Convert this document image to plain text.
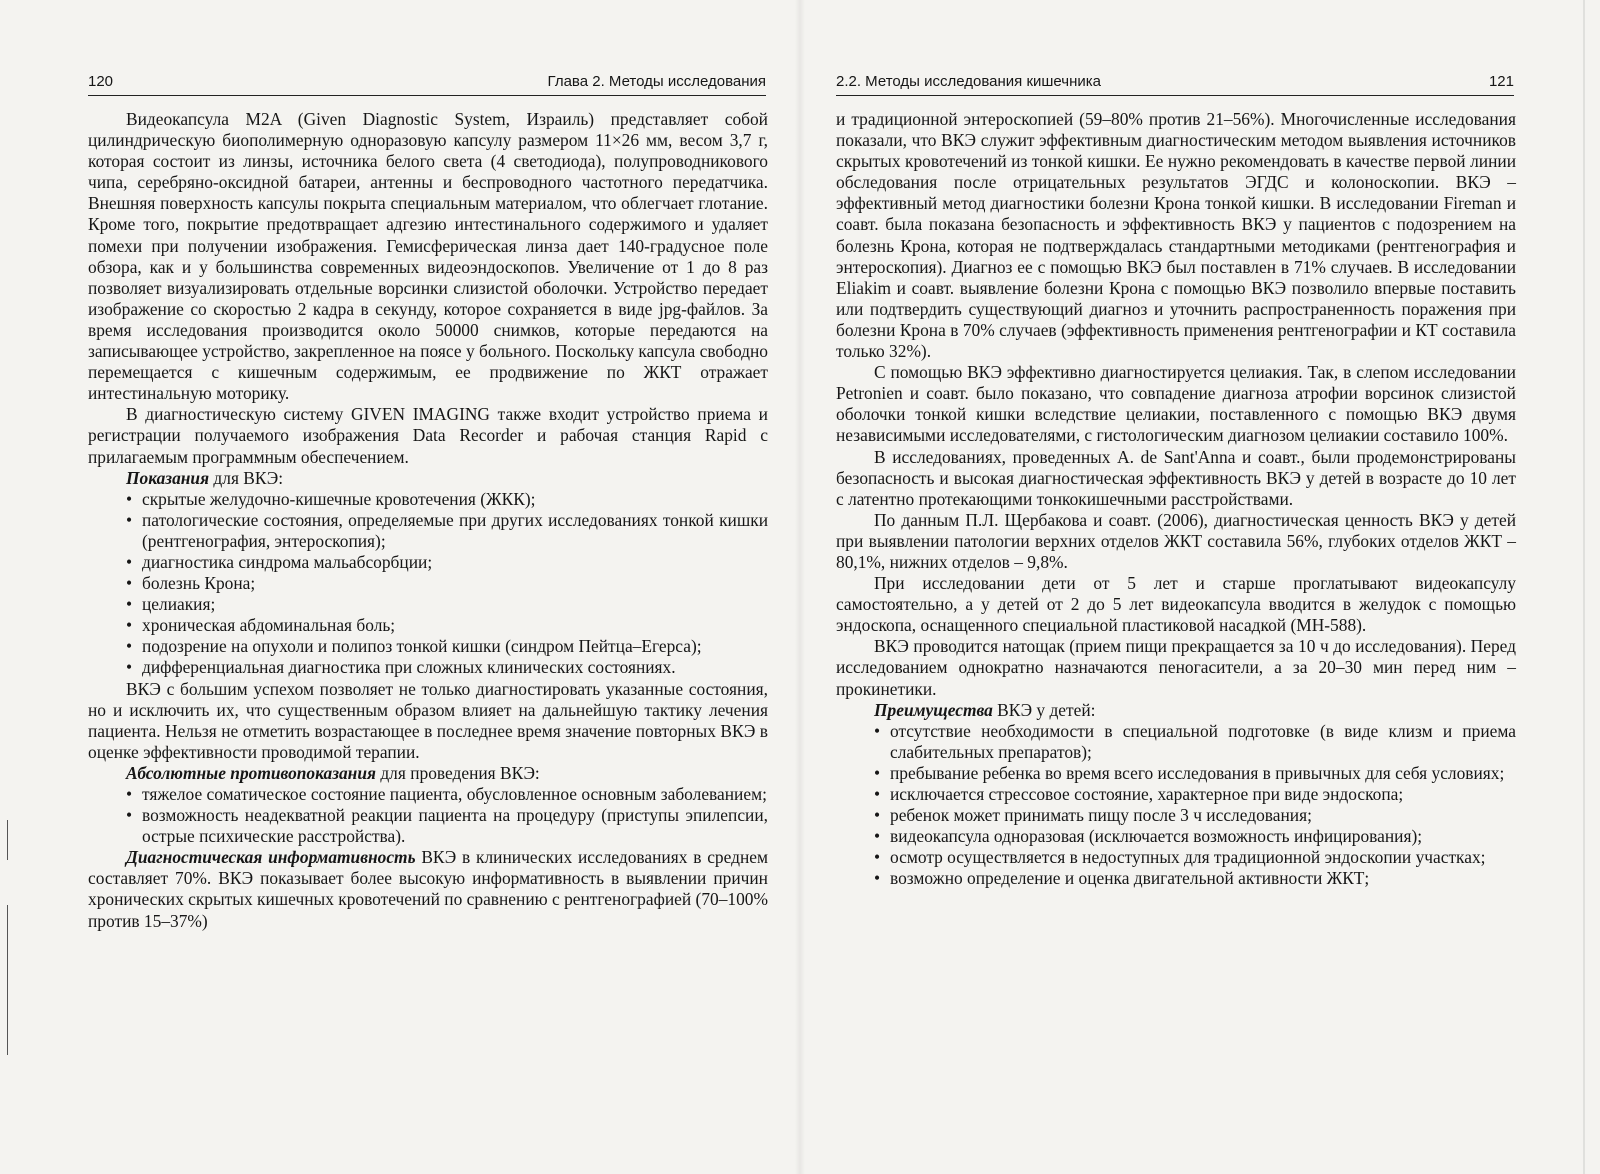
120	Глава 2. Методы исследования

Видеокапсула M2A (Given Diagnostic System, Израиль) представляет собой цилиндрическую биополимерную одноразовую капсулу размером 11×26 мм, весом 3,7 г, которая состоит из линзы, источника белого света (4 светодиода), полупроводникового чипа, серебряно-оксидной батареи, антенны и беспроводного частотного передатчика. Внешняя поверхность капсулы покрыта специальным материалом, что облегчает глотание. Кроме того, покрытие предотвращает адгезию интестинального содержимого и удаляет помехи при получении изображения. Гемисферическая линза дает 140-градусное поле обзора, как и у большинства современных видеоэндоскопов. Увеличение от 1 до 8 раз позволяет визуализировать отдельные ворсинки слизистой оболочки. Устройство передает изображение со скоростью 2 кадра в секунду, которое сохраняется в виде jpg-файлов. За время исследования производится около 50000 снимков, которые передаются на записывающее устройство, закрепленное на поясе у больного. Поскольку капсула свободно перемещается с кишечным содержимым, ее продвижение по ЖКТ отражает интестинальную моторику.

В диагностическую систему GIVEN IMAGING также входит устройство приема и регистрации получаемого изображения Data Recorder и рабочая станция Rapid с прилагаемым программным обеспечением.

Показания для ВКЭ:

• скрытые желудочно-кишечные кровотечения (ЖКК);
• патологические состояния, определяемые при других исследованиях тонкой кишки (рентгенография, энтероскопия);
• диагностика синдрома мальабсорбции;
• болезнь Крона;
• целиакия;
• хроническая абдоминальная боль;
• подозрение на опухоли и полипоз тонкой кишки (синдром Пейтца–Егерса);
• дифференциальная диагностика при сложных клинических состояниях.

ВКЭ с большим успехом позволяет не только диагностировать указанные состояния, но и исключить их, что существенным образом влияет на дальнейшую тактику лечения пациента. Нельзя не отметить возрастающее в последнее время значение повторных ВКЭ в оценке эффективности проводимой терапии.

Абсолютные противопоказания для проведения ВКЭ:

• тяжелое соматическое состояние пациента, обусловленное основным заболеванием;
• возможность неадекватной реакции пациента на процедуру (приступы эпилепсии, острые психические расстройства).

Диагностическая информативность ВКЭ в клинических исследованиях в среднем составляет 70%. ВКЭ показывает более высокую информативность в выявлении причин хронических скрытых кишечных кровотечений по сравнению с рентгенографией (70–100% против 15–37%)

2.2. Методы исследования кишечника	121

и традиционной энтероскопией (59–80% против 21–56%). Многочисленные исследования показали, что ВКЭ служит эффективным диагностическим методом выявления источников скрытых кровотечений из тонкой кишки. Ее нужно рекомендовать в качестве первой линии обследования после отрицательных результатов ЭГДС и колоноскопии. ВКЭ – эффективный метод диагностики болезни Крона тонкой кишки. В исследовании Fireman и соавт. была показана безопасность и эффективность ВКЭ у пациентов с подозрением на болезнь Крона, которая не подтверждалась стандартными методиками (рентгенография и энтероскопия). Диагноз ее с помощью ВКЭ был поставлен в 71% случаев. В исследовании Eliakim и соавт. выявление болезни Крона с помощью ВКЭ позволило впервые поставить или подтвердить существующий диагноз и уточнить распространенность поражения при болезни Крона в 70% случаев (эффективность применения рентгенографии и КТ составила только 32%).

С помощью ВКЭ эффективно диагностируется целиакия. Так, в слепом исследовании Petronien и соавт. было показано, что совпадение диагноза атрофии ворсинок слизистой оболочки тонкой кишки вследствие целиакии, поставленного с помощью ВКЭ двумя независимыми исследователями, с гистологическим диагнозом целиакии составило 100%.

В исследованиях, проведенных A. de Sant'Anna и соавт., были продемонстрированы безопасность и высокая диагностическая эффективность ВКЭ у детей в возрасте до 10 лет с латентно протекающими тонкокишечными расстройствами.

По данным П.Л. Щербакова и соавт. (2006), диагностическая ценность ВКЭ у детей при выявлении патологии верхних отделов ЖКТ составила 56%, глубоких отделов ЖКТ – 80,1%, нижних отделов – 9,8%.

При исследовании дети от 5 лет и старше проглатывают видеокапсулу самостоятельно, а у детей от 2 до 5 лет видеокапсула вводится в желудок с помощью эндоскопа, оснащенного специальной пластиковой насадкой (МН-588).

ВКЭ проводится натощак (прием пищи прекращается за 10 ч до исследования). Перед исследованием однократно назначаются пеногасители, а за 20–30 мин перед ним – прокинетики.

Преимущества ВКЭ у детей:

• отсутствие необходимости в специальной подготовке (в виде клизм и приема слабительных препаратов);
• пребывание ребенка во время всего исследования в привычных для себя условиях;
• исключается стрессовое состояние, характерное при виде эндоскопа;
• ребенок может принимать пищу после 3 ч исследования;
• видеокапсула одноразовая (исключается возможность инфицирования);
• осмотр осуществляется в недоступных для традиционной эндоскопии участках;
• возможно определение и оценка двигательной активности ЖКТ;
